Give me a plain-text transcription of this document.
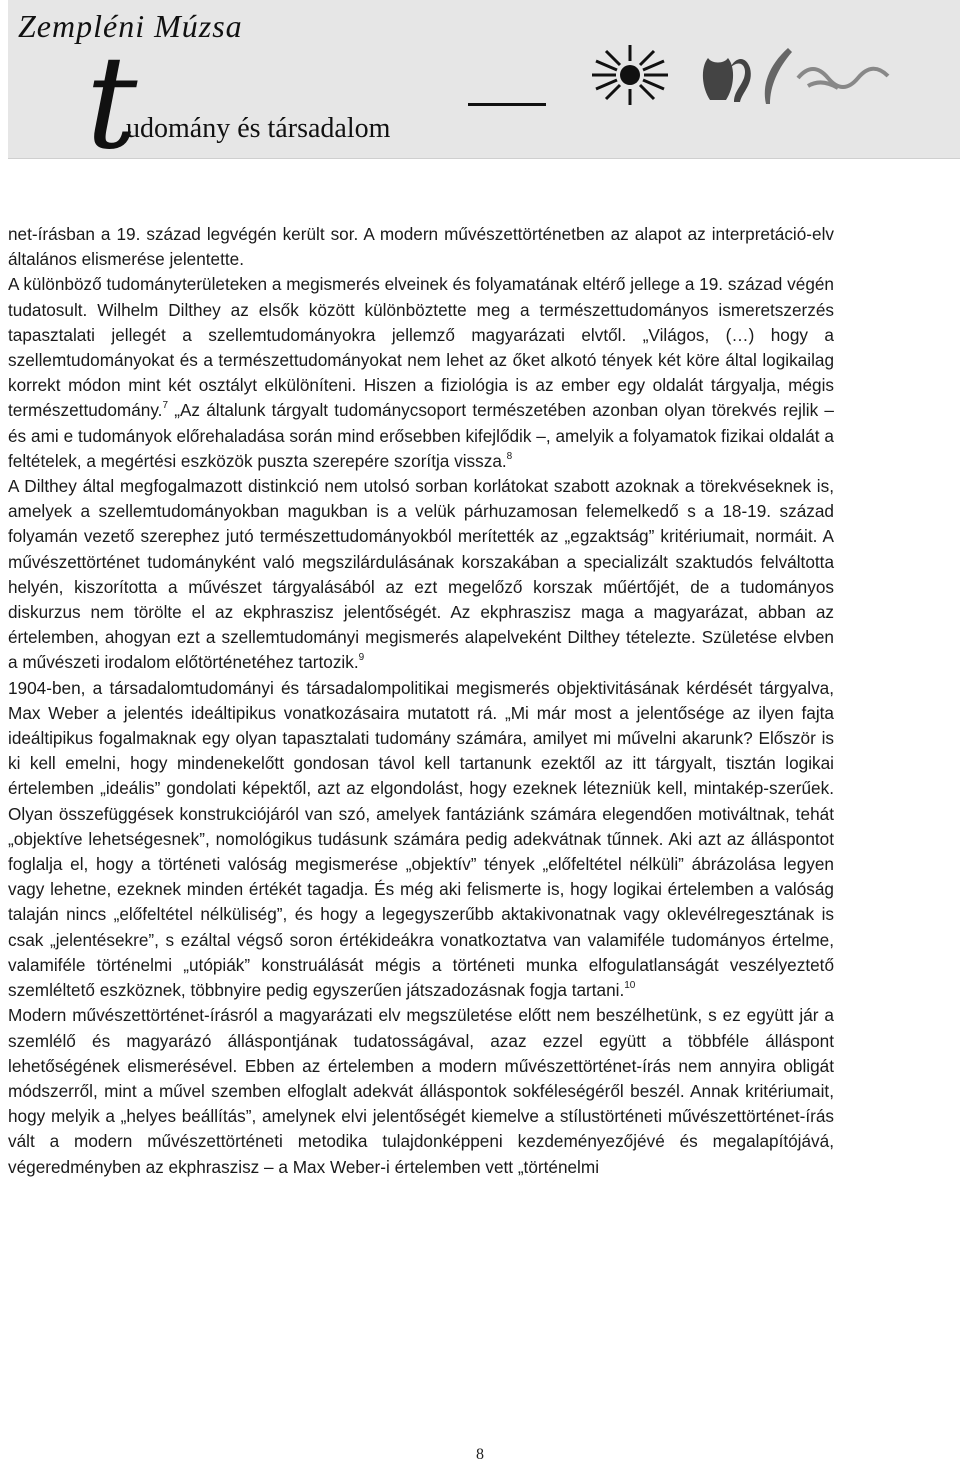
Zempléni Múzsa
t
udomány és társadalom

net-írásban a 19. század legvégén került sor. A modern művészettörténetben az alapot az interpretáció-elv általános elismerése jelentette.

A különböző tudományterületeken a megismerés elveinek és folyamatának eltérő jellege a 19. század végén tudatosult. Wilhelm Dilthey az elsők között különböztette meg a természettudományos ismeretszerzés tapasztalati jellegét a szellemtudományokra jellemző magyarázati elvtől. „Világos, (…) hogy a szellemtudományokat és a természettudományokat nem lehet az őket alkotó tények két köre által logikailag korrekt módon mint két osztályt elkülöníteni. Hiszen a fiziológia is az ember egy oldalát tárgyalja, mégis természettudomány.$^7$ „Az általunk tárgyalt tudománycsoport természetében azonban olyan törekvés rejlik – és ami e tudományok előrehaladása során mind erősebben kifejlődik –, amelyik a folyamatok fizikai oldalát a feltételek, a megértési eszközök puszta szerepére szorítja vissza.$^8$

A Dilthey által megfogalmazott distinkció nem utolsó sorban korlátokat szabott azoknak a törekvéseknek is, amelyek a szellemtudományokban magukban is a velük párhuzamosan felemelkedő s a 18-19. század folyamán vezető szerephez jutó természettudományokból merítették az „egzaktság” kritériumait, normáit. A művészettörténet tudományként való megszilárdulásának korszakában a specializált szaktudós felváltotta helyén, kiszorította a művészet tárgyalásából az ezt megelőző korszak műértőjét, de a tudományos diskurzus nem törölte el az ekphraszisz jelentőségét. Az ekphraszisz maga a magyarázat, abban az értelemben, ahogyan ezt a szellemtudományi megismerés alapelveként Dilthey tételezte. Születése elvben a művészeti irodalom előtörténetéhez tartozik.$^9$

1904-ben, a társadalomtudományi és társadalompolitikai megismerés objektivitásának kérdését tárgyalva, Max Weber a jelentés ideáltipikus vonatkozásaira mutatott rá. „Mi már most a jelentősége az ilyen fajta ideáltipikus fogalmaknak egy olyan tapasztalati tudomány számára, amilyet mi művelni akarunk? Először is ki kell emelni, hogy mindenekelőtt gondosan távol kell tartanunk ezektől az itt tárgyalt, tisztán logikai értelemben „ideális” gondolati képektől, azt az elgondolást, hogy ezeknek létezniük kell, mintakép-szerűek. Olyan összefüggések konstrukciójáról van szó, amelyek fantáziánk számára elegendően motiváltnak, tehát „objektíve lehetségesnek”, nomológikus tudásunk számára pedig adekvátnak tűnnek. Aki azt az álláspontot foglalja el, hogy a történeti valóság megismerése „objektív” tények „előfeltétel nélküli” ábrázolása legyen vagy lehetne, ezeknek minden értékét tagadja. És még aki felismerte is, hogy logikai értelemben a valóság talaján nincs „előfeltétel nélküliség”, és hogy a legegyszerűbb aktakivonatnak vagy oklevélregesztának is csak „jelentésekre”, s ezáltal végső soron értékideákra vonatkoztatva van valamiféle tudományos értelme, valamiféle történelmi „utópiák” konstruálását mégis a történeti munka elfogulatlanságát veszélyeztető szemléltető eszköznek, többnyire pedig egyszerűen játszadozásnak fogja tartani.$^{10}$

Modern művészettörténet-írásról a magyarázati elv megszületése előtt nem beszélhetünk, s ez együtt jár a szemlélő és magyarázó álláspontjának tudatosságával, azaz ezzel együtt a többféle álláspont lehetőségének elismerésével. Ebben az értelemben a modern művészettörténet-írás nem annyira obligát módszerről, mint a művel szemben elfoglalt adekvát álláspontok sokféleségéről beszél. Annak kritériumait, hogy melyik a „helyes beállítás”, amelynek elvi jelentőségét kiemelve a stílustörténeti művészettörténet-írás vált a modern művészettörténeti metodika tulajdonképpeni kezdeményezőjévé és megalapítójává, végeredményben az ekphraszisz – a Max Weber-i értelemben vett „történelmi

8
